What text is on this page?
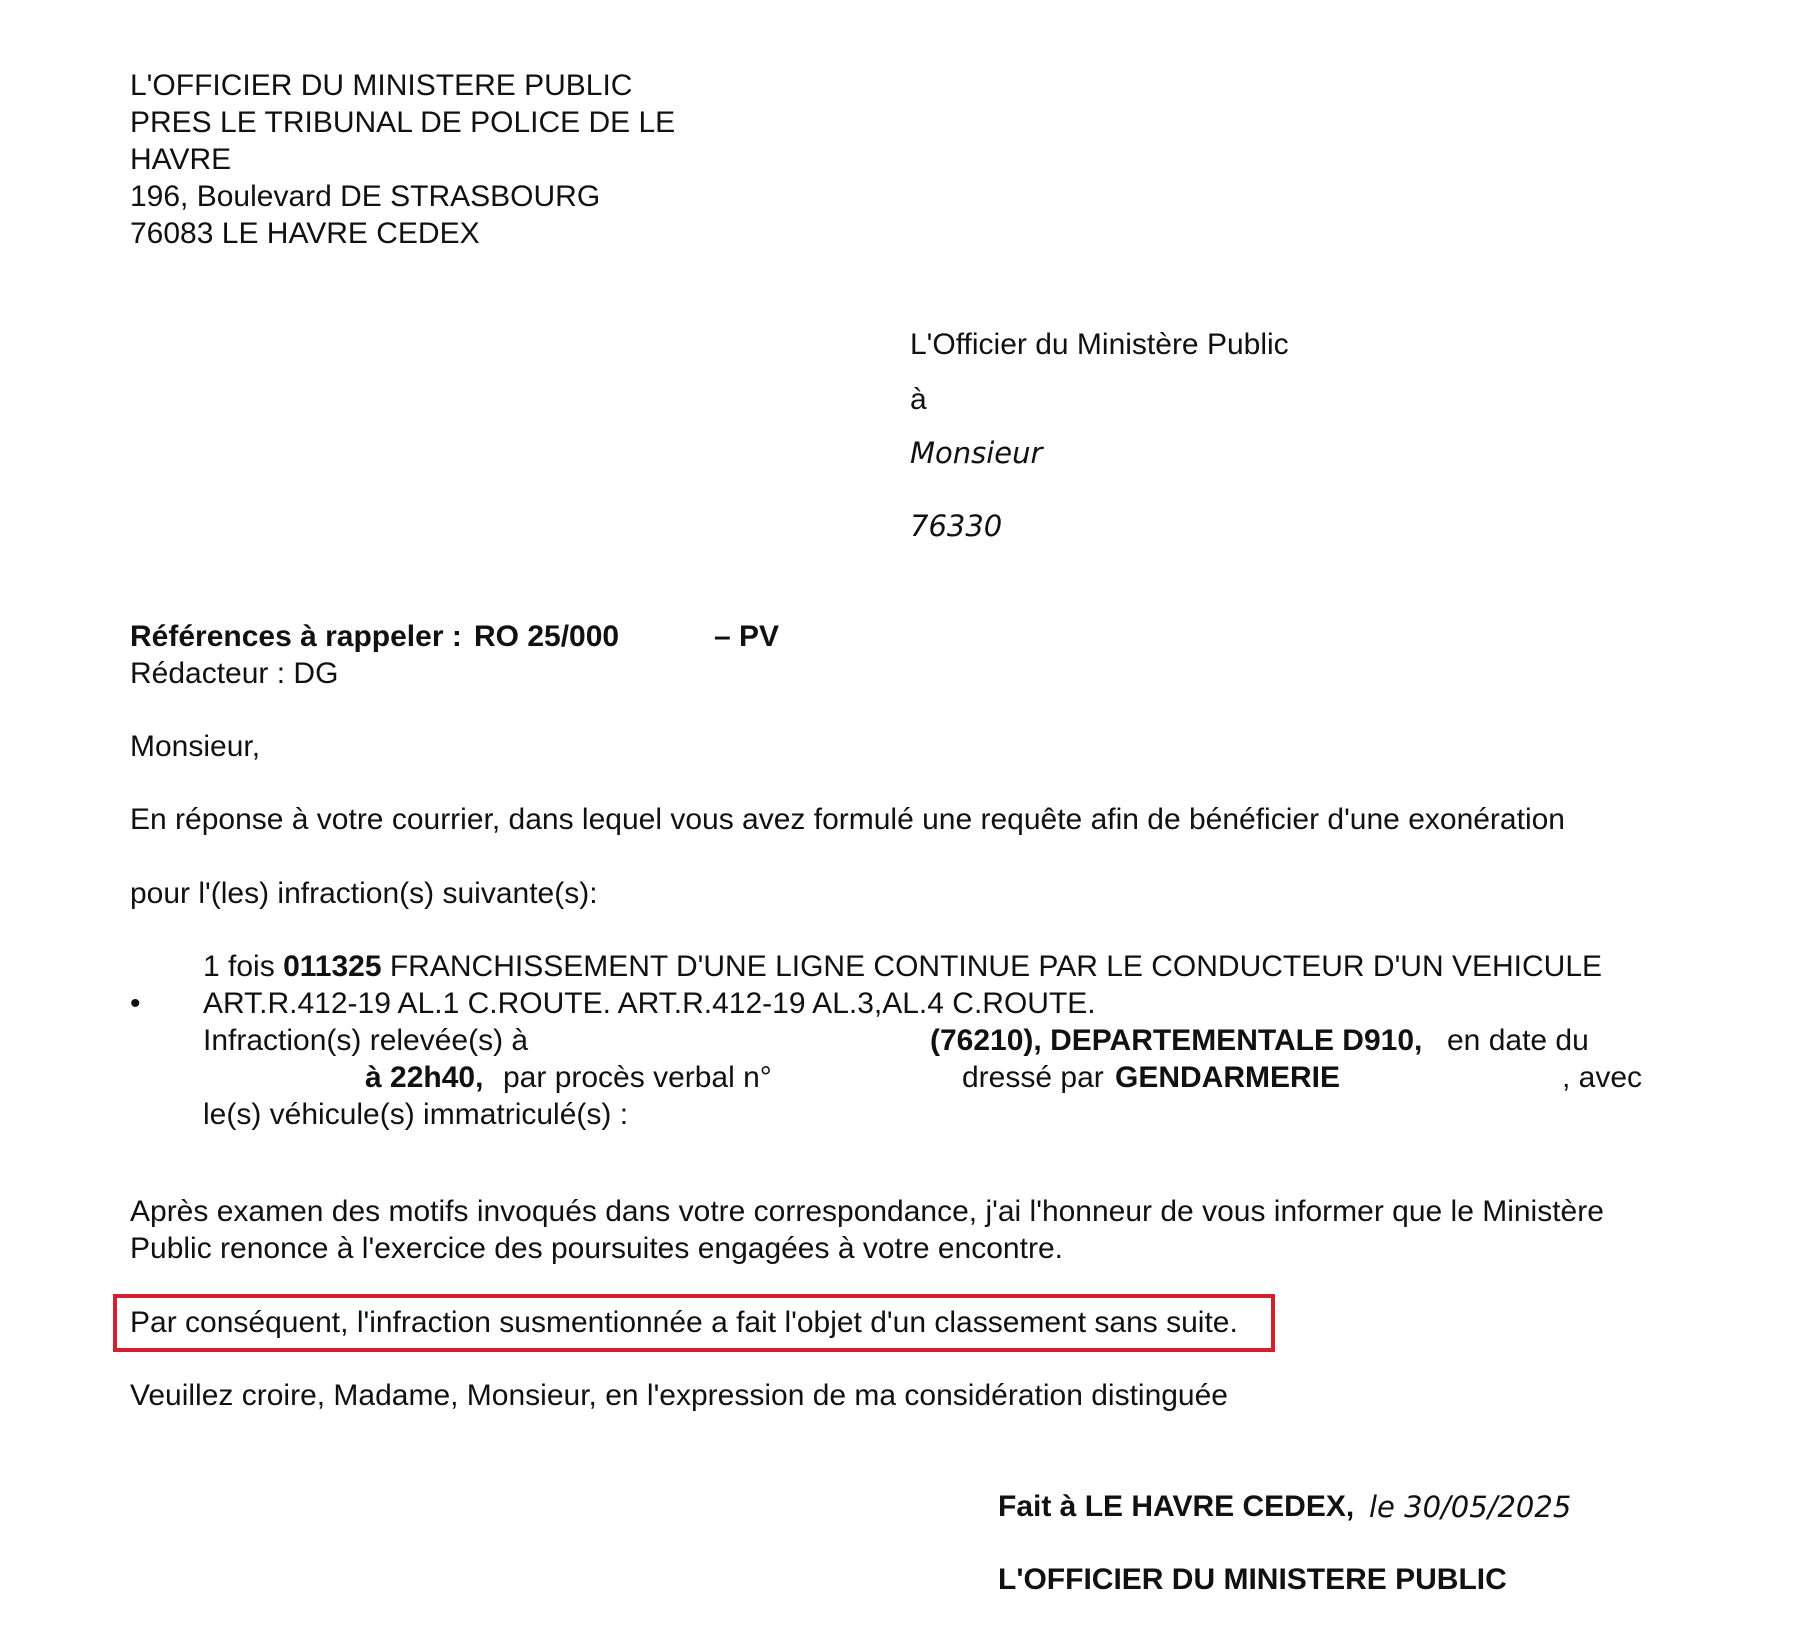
L'OFFICIER DU MINISTERE PUBLIC

PRES LE TRIBUNAL DE POLICE DE LE

HAVRE

196, Boulevard DE STRASBOURG

76083 LE HAVRE CEDEX

L'Officier du Ministère Public

à

Monsieur

76330

Références à rappeler : RO 25/000	– PV

Rédacteur : DG

Monsieur,

En réponse à votre courrier, dans lequel vous avez formulé une requête afin de bénéficier d'une exonération

pour l'(les) infraction(s) suivante(s):

•

1 fois 011325 FRANCHISSEMENT D'UNE LIGNE CONTINUE PAR LE CONDUCTEUR D'UN VEHICULE

ART.R.412-19 AL.1 C.ROUTE. ART.R.412-19 AL.3,AL.4 C.ROUTE.

Infraction(s) relevée(s) à	(76210), DEPARTEMENTALE D910, en date du

à 22h40, par procès verbal n°	dressé par GENDARMERIE	, avec

le(s) véhicule(s) immatriculé(s) :

Après examen des motifs invoqués dans votre correspondance, j'ai l'honneur de vous informer que le Ministère

Public renonce à l'exercice des poursuites engagées à votre encontre.

Par conséquent, l'infraction susmentionnée a fait l'objet d'un classement sans suite.

Veuillez croire, Madame, Monsieur, en l'expression de ma considération distinguée

Fait à LE HAVRE CEDEX, le 30/05/2025

L'OFFICIER DU MINISTERE PUBLIC
